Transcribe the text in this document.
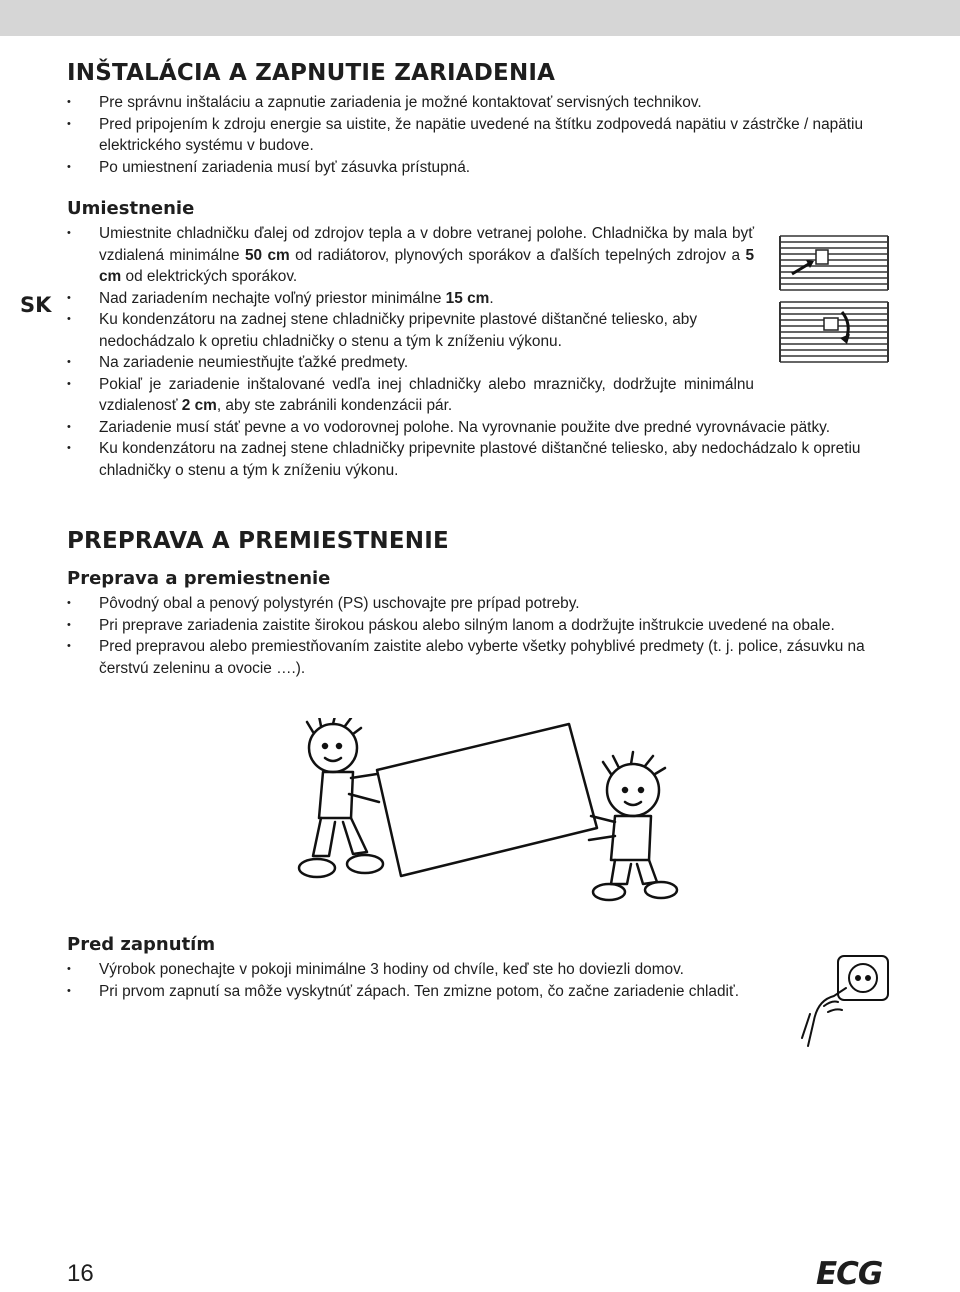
SK
INŠTALÁCIA A ZAPNUTIE ZARIADENIA
• Pre správnu inštaláciu a zapnutie zariadenia je možné kontaktovať servisných technikov.
• Pred pripojením k zdroju energie sa uistite, že napätie uvedené na štítku zodpovedá napätiu v zástrčke / napätiu elektrického systému v budove.
• Po umiestnení zariadenia musí byť zásuvka prístupná.
Umiestnenie
• Umiestnite chladničku ďalej od zdrojov tepla a v dobre vetranej polohe. Chladnička by mala byť vzdialená minimálne 50 cm od radiátorov, plynových sporákov a ďalších tepelných zdrojov a 5 cm od elektrických sporákov.
• Nad zariadením nechajte voľný priestor minimálne 15 cm.
• Ku kondenzátoru na zadnej stene chladničky pripevnite plastové dištančné teliesko, aby nedochádzalo k opretiu chladničky o stenu a tým k zníženiu výkonu.
• Na zariadenie neumiestňujte ťažké predmety.
• Pokiaľ je zariadenie inštalované vedľa inej chladničky alebo mrazničky, dodržujte minimálnu vzdialenosť 2 cm, aby ste zabránili kondenzácii pár.
• Zariadenie musí stáť pevne a vo vodorovnej polohe. Na vyrovnanie použite dve predné vyrovnávacie pätky.
• Ku kondenzátoru na zadnej stene chladničky pripevnite plastové dištančné teliesko, aby nedochádzalo k opretiu chladničky o stenu a tým k zníženiu výkonu.
PREPRAVA A PREMIESTNENIE
Preprava a premiestnenie
• Pôvodný obal a penový polystyrén (PS) uschovajte pre prípad potreby.
• Pri preprave zariadenia zaistite širokou páskou alebo silným lanom a dodržujte inštrukcie uvedené na obale.
• Pred prepravou alebo premiestňovaním zaistite alebo vyberte všetky pohyblivé predmety (t. j. police, zásuvku na čerstvú zeleninu a ovocie ….).
Pred zapnutím
• Výrobok ponechajte v pokoji minimálne 3 hodiny od chvíle, keď ste ho doviezli domov.
• Pri prvom zapnutí sa môže vyskytnúť zápach. Ten zmizne potom, čo začne zariadenie chladiť.
16	ECG
